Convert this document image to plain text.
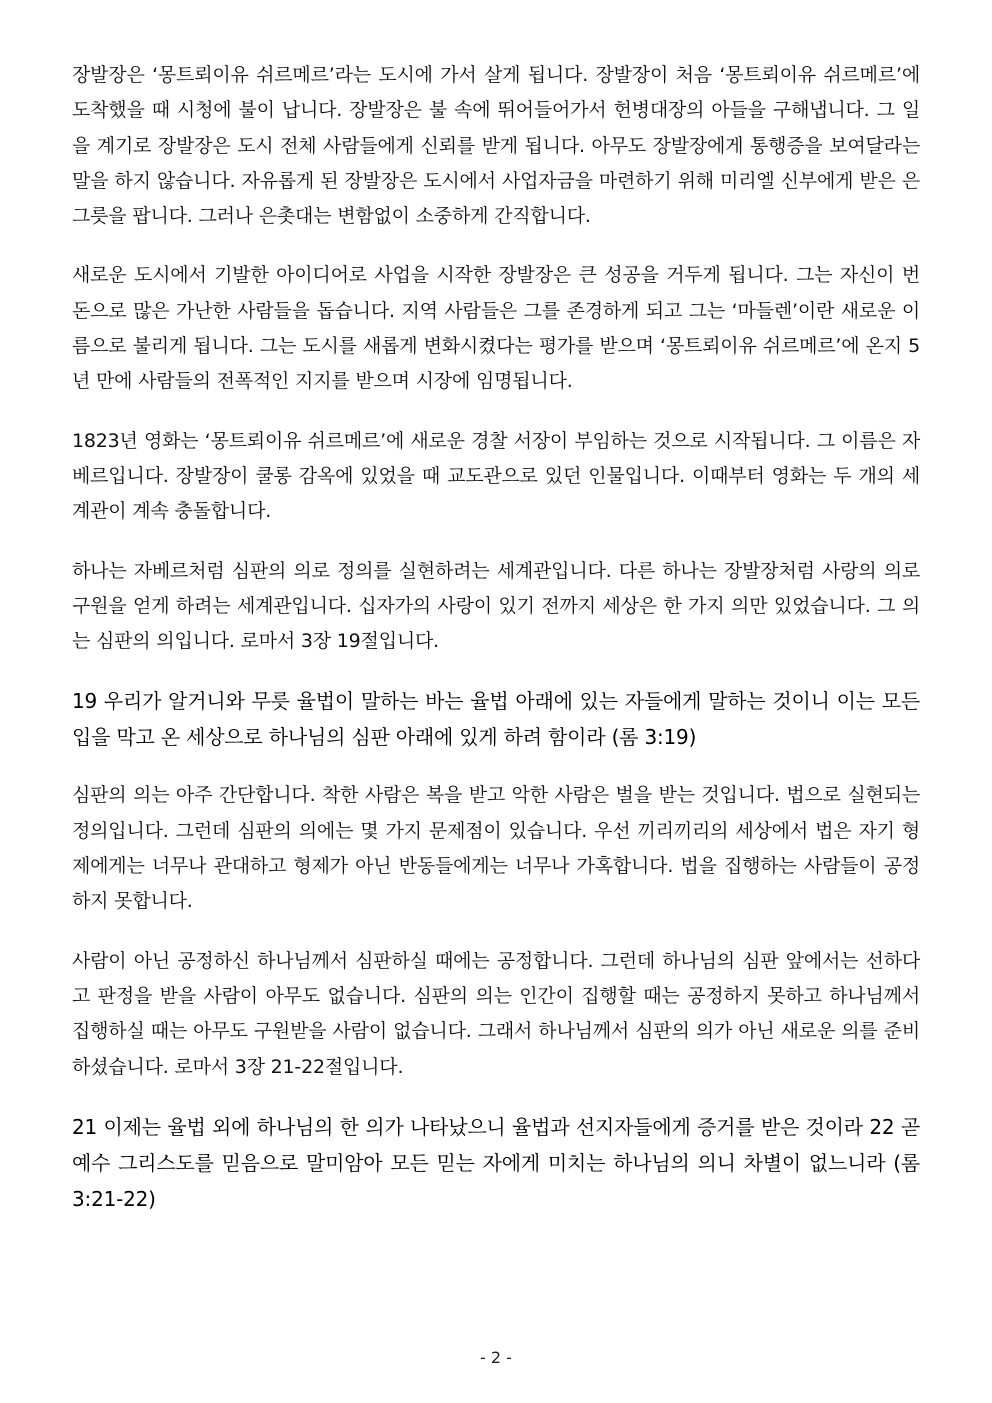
장발장은 ‘몽트뢰이유 쉬르메르’라는 도시에 가서 살게 됩니다. 장발장이 처음 ‘몽트뢰이유 쉬르메르’에 도착했을 때 시청에 불이 납니다. 장발장은 불 속에 뛰어들어가서 헌병대장의 아들을 구해냅니다. 그 일을 계기로 장발장은 도시 전체 사람들에게 신뢰를 받게 됩니다. 아무도 장발장에게 통행증을 보여달라는 말을 하지 않습니다. 자유롭게 된 장발장은 도시에서 사업자금을 마련하기 위해 미리엘 신부에게 받은 은그릇을 팝니다. 그러나 은촛대는 변함없이 소중하게 간직합니다.

새로운 도시에서 기발한 아이디어로 사업을 시작한 장발장은 큰 성공을 거두게 됩니다. 그는 자신이 번 돈으로 많은 가난한 사람들을 돕습니다. 지역 사람들은 그를 존경하게 되고 그는 ‘마들렌’이란 새로운 이름으로 불리게 됩니다. 그는 도시를 새롭게 변화시켰다는 평가를 받으며 ‘몽트뢰이유 쉬르메르’에 온지 5년 만에 사람들의 전폭적인 지지를 받으며 시장에 임명됩니다.

1823년 영화는 ‘몽트뢰이유 쉬르메르’에 새로운 경찰 서장이 부임하는 것으로 시작됩니다. 그 이름은 자베르입니다. 장발장이 쿨롱 감옥에 있었을 때 교도관으로 있던 인물입니다. 이때부터 영화는 두 개의 세계관이 계속 충돌합니다.

하나는 자베르처럼 심판의 의로 정의를 실현하려는 세계관입니다. 다른 하나는 장발장처럼 사랑의 의로 구원을 얻게 하려는 세계관입니다. 십자가의 사랑이 있기 전까지 세상은 한 가지 의만 있었습니다. 그 의는 심판의 의입니다. 로마서 3장 19절입니다.

19 우리가 알거니와 무릇 율법이 말하는 바는 율법 아래에 있는 자들에게 말하는 것이니 이는 모든 입을 막고 온 세상으로 하나님의 심판 아래에 있게 하려 함이라 (롬 3:19)

심판의 의는 아주 간단합니다. 착한 사람은 복을 받고 악한 사람은 벌을 받는 것입니다. 법으로 실현되는 정의입니다. 그런데 심판의 의에는 몇 가지 문제점이 있습니다. 우선 끼리끼리의 세상에서 법은 자기 형제에게는 너무나 관대하고 형제가 아닌 반동들에게는 너무나 가혹합니다. 법을 집행하는 사람들이 공정하지 못합니다.

사람이 아닌 공정하신 하나님께서 심판하실 때에는 공정합니다. 그런데 하나님의 심판 앞에서는 선하다고 판정을 받을 사람이 아무도 없습니다. 심판의 의는 인간이 집행할 때는 공정하지 못하고 하나님께서 집행하실 때는 아무도 구원받을 사람이 없습니다. 그래서 하나님께서 심판의 의가 아닌 새로운 의를 준비하셨습니다. 로마서 3장 21-22절입니다.

21 이제는 율법 외에 하나님의 한 의가 나타났으니 율법과 선지자들에게 증거를 받은 것이라 22 곧 예수 그리스도를 믿음으로 말미암아 모든 믿는 자에게 미치는 하나님의 의니 차별이 없느니라 (롬 3:21-22)

- 2 -
